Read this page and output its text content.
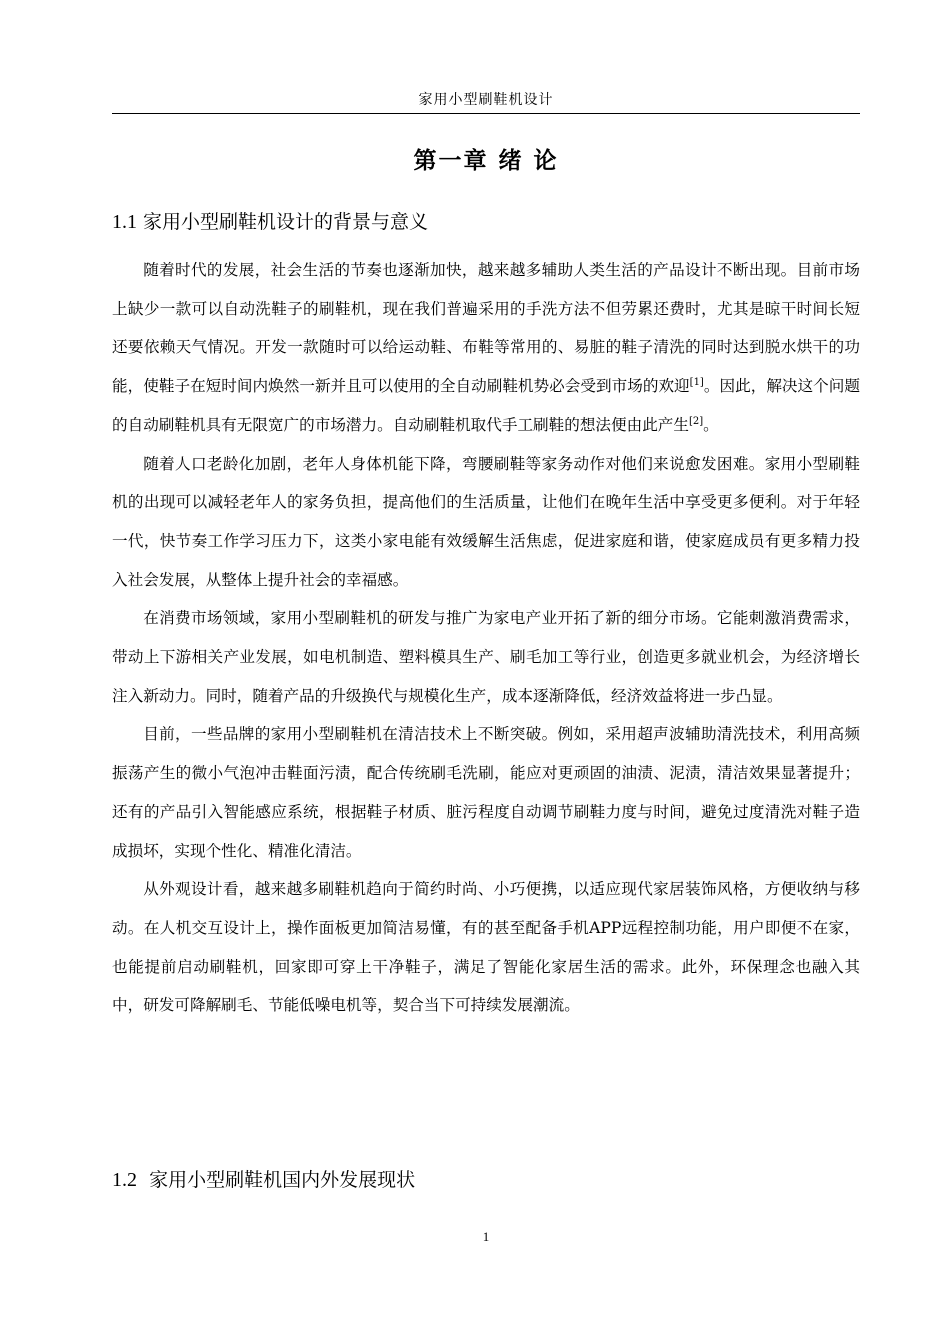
家用小型刷鞋机设计
第一章 绪 论
1.1 家用小型刷鞋机设计的背景与意义

随着时代的发展，社会生活的节奏也逐渐加快，越来越多辅助人类生活的产品设计不断出现。目前市场上缺少一款可以自动洗鞋子的刷鞋机，现在我们普遍采用的手洗方法不但劳累还费时，尤其是晾干时间长短还要依赖天气情况。开发一款随时可以给运动鞋、布鞋等常用的、易脏的鞋子清洗的同时达到脱水烘干的功能，使鞋子在短时间内焕然一新并且可以使用的全自动刷鞋机势必会受到市场的欢迎[1]。因此，解决这个问题的自动刷鞋机具有无限宽广的市场潜力。自动刷鞋机取代手工刷鞋的想法便由此产生[2]。

随着人口老龄化加剧，老年人身体机能下降，弯腰刷鞋等家务动作对他们来说愈发困难。家用小型刷鞋机的出现可以减轻老年人的家务负担，提高他们的生活质量，让他们在晚年生活中享受更多便利。对于年轻一代，快节奏工作学习压力下，这类小家电能有效缓解生活焦虑，促进家庭和谐，使家庭成员有更多精力投入社会发展，从整体上提升社会的幸福感。

在消费市场领域，家用小型刷鞋机的研发与推广为家电产业开拓了新的细分市场。它能刺激消费需求，带动上下游相关产业发展，如电机制造、塑料模具生产、刷毛加工等行业，创造更多就业机会，为经济增长注入新动力。同时，随着产品的升级换代与规模化生产，成本逐渐降低，经济效益将进一步凸显。

目前，一些品牌的家用小型刷鞋机在清洁技术上不断突破。例如，采用超声波辅助清洗技术，利用高频振荡产生的微小气泡冲击鞋面污渍，配合传统刷毛洗刷，能应对更顽固的油渍、泥渍，清洁效果显著提升；还有的产品引入智能感应系统，根据鞋子材质、脏污程度自动调节刷鞋力度与时间，避免过度清洗对鞋子造成损坏，实现个性化、精准化清洁。

从外观设计看，越来越多刷鞋机趋向于简约时尚、小巧便携，以适应现代家居装饰风格，方便收纳与移动。在人机交互设计上，操作面板更加简洁易懂，有的甚至配备手机APP远程控制功能，用户即便不在家，也能提前启动刷鞋机，回家即可穿上干净鞋子，满足了智能化家居生活的需求。此外，环保理念也融入其中，研发可降解刷毛、节能低噪电机等，契合当下可持续发展潮流。

1.2 家用小型刷鞋机国内外发展现状
1
